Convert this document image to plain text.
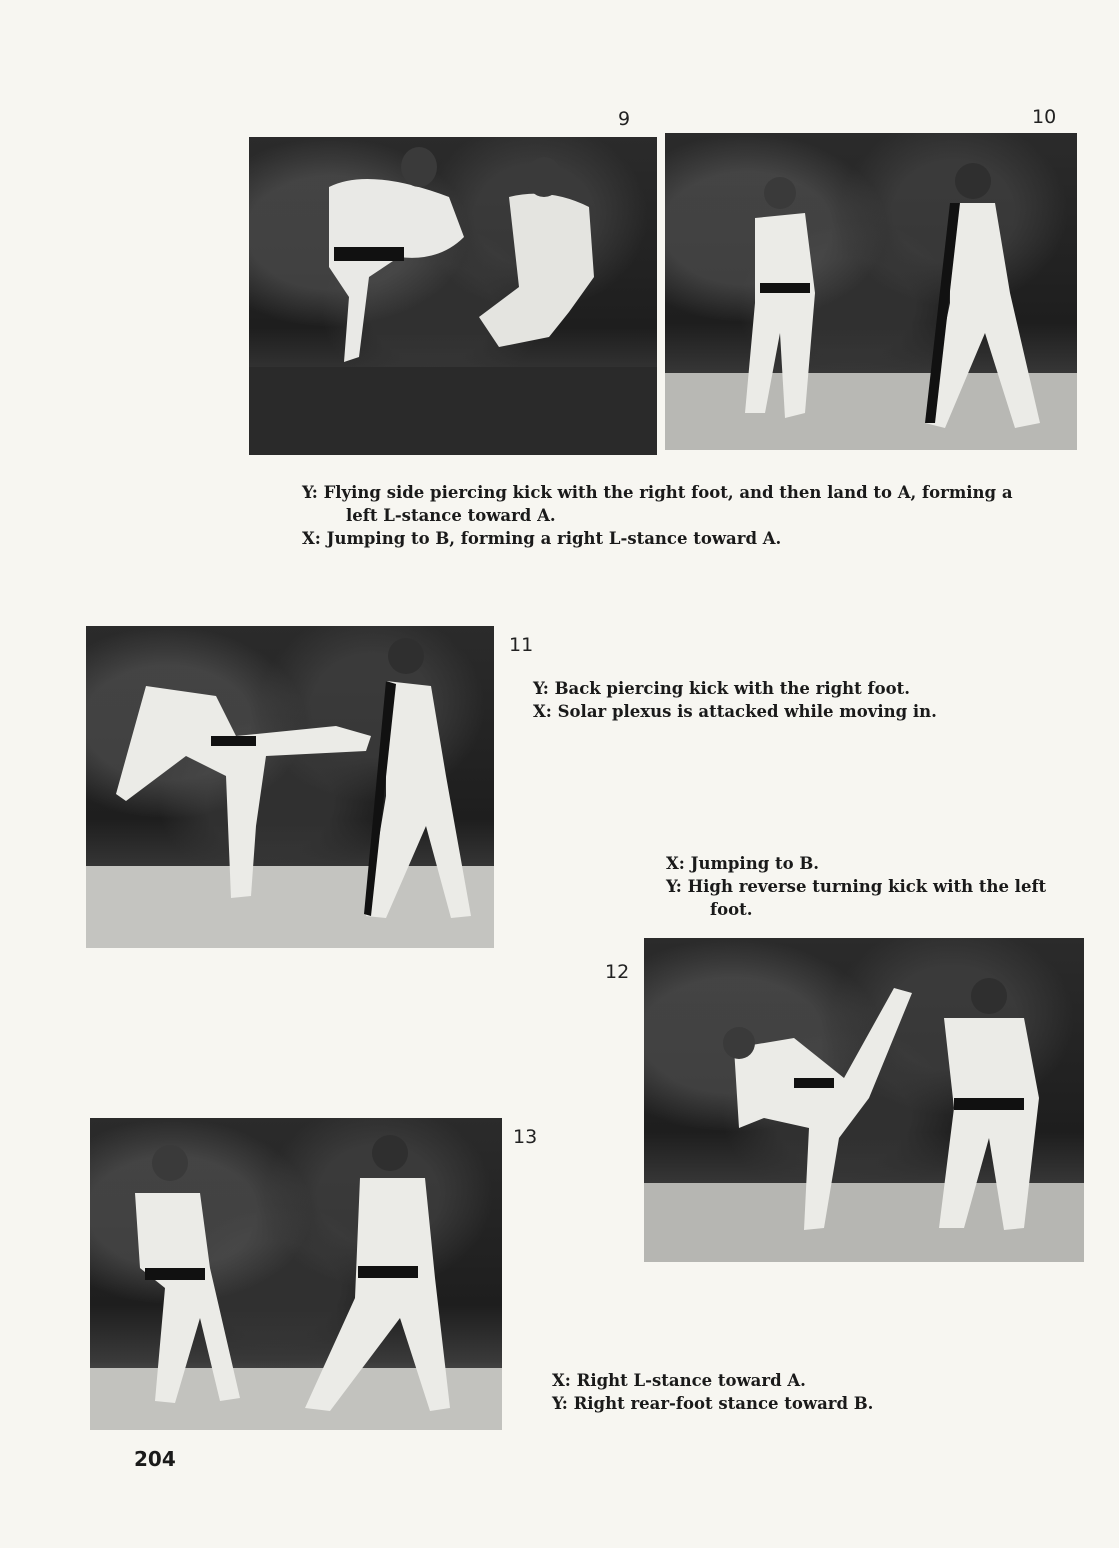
9	10

Y: Flying side piercing kick with the right foot, and then land to A, forming a left L-stance toward A.
X: Jumping to B, forming a right L-stance toward A.

11

Y: Back piercing kick with the right foot.
X: Solar plexus is attacked while moving in.

X: Jumping to B.
Y: High reverse turning kick with the left foot.

12
13

X: Right L-stance toward A.
Y: Right rear-foot stance toward B.

204
